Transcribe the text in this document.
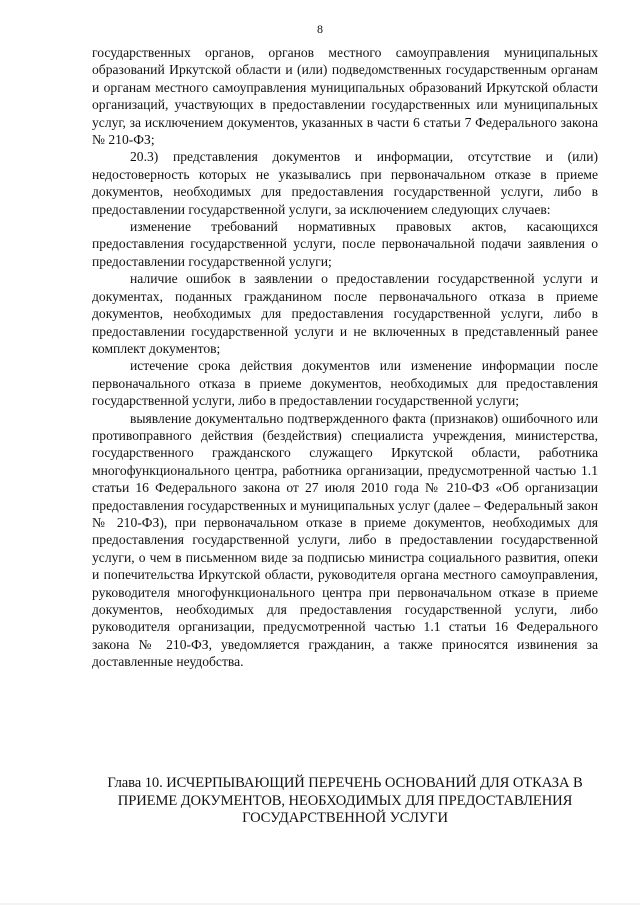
8

государственных органов, органов местного самоуправления муниципальных образований Иркутской области и (или) подведомственных государственным органам и органам местного самоуправления муниципальных образований Иркутской области организаций, участвующих в предоставлении государственных или муниципальных услуг, за исключением документов, указанных в части 6 статьи 7 Федерального закона № 210-ФЗ;

20.3) представления документов и информации, отсутствие и (или) недостоверность которых не указывались при первоначальном отказе в приеме документов, необходимых для предоставления государственной услуги, либо в предоставлении государственной услуги, за исключением следующих случаев:

изменение требований нормативных правовых актов, касающихся предоставления государственной услуги, после первоначальной подачи заявления о предоставлении государственной услуги;

наличие ошибок в заявлении о предоставлении государственной услуги и документах, поданных гражданином после первоначального отказа в приеме документов, необходимых для предоставления государственной услуги, либо в предоставлении государственной услуги и не включенных в представленный ранее комплект документов;

истечение срока действия документов или изменение информации после первоначального отказа в приеме документов, необходимых для предоставления государственной услуги, либо в предоставлении государственной услуги;

выявление документально подтвержденного факта (признаков) ошибочного или противоправного действия (бездействия) специалиста учреждения, министерства, государственного гражданского служащего Иркутской области, работника многофункционального центра, работника организации, предусмотренной частью 1.1 статьи 16 Федерального закона от 27 июля 2010 года № 210-ФЗ «Об организации предоставления государственных и муниципальных услуг (далее – Федеральный закон № 210-ФЗ), при первоначальном отказе в приеме документов, необходимых для предоставления государственной услуги, либо в предоставлении государственной услуги, о чем в письменном виде за подписью министра социального развития, опеки и попечительства Иркутской области, руководителя органа местного самоуправления, руководителя многофункционального центра при первоначальном отказе в приеме документов, необходимых для предоставления государственной услуги, либо руководителя организации, предусмотренной частью 1.1 статьи 16 Федерального закона № 210-ФЗ, уведомляется гражданин, а также приносятся извинения за доставленные неудобства.

Глава 10. ИСЧЕРПЫВАЮЩИЙ ПЕРЕЧЕНЬ ОСНОВАНИЙ ДЛЯ ОТКАЗА В

ПРИЕМЕ ДОКУМЕНТОВ, НЕОБХОДИМЫХ ДЛЯ ПРЕДОСТАВЛЕНИЯ

ГОСУДАРСТВЕННОЙ УСЛУГИ
